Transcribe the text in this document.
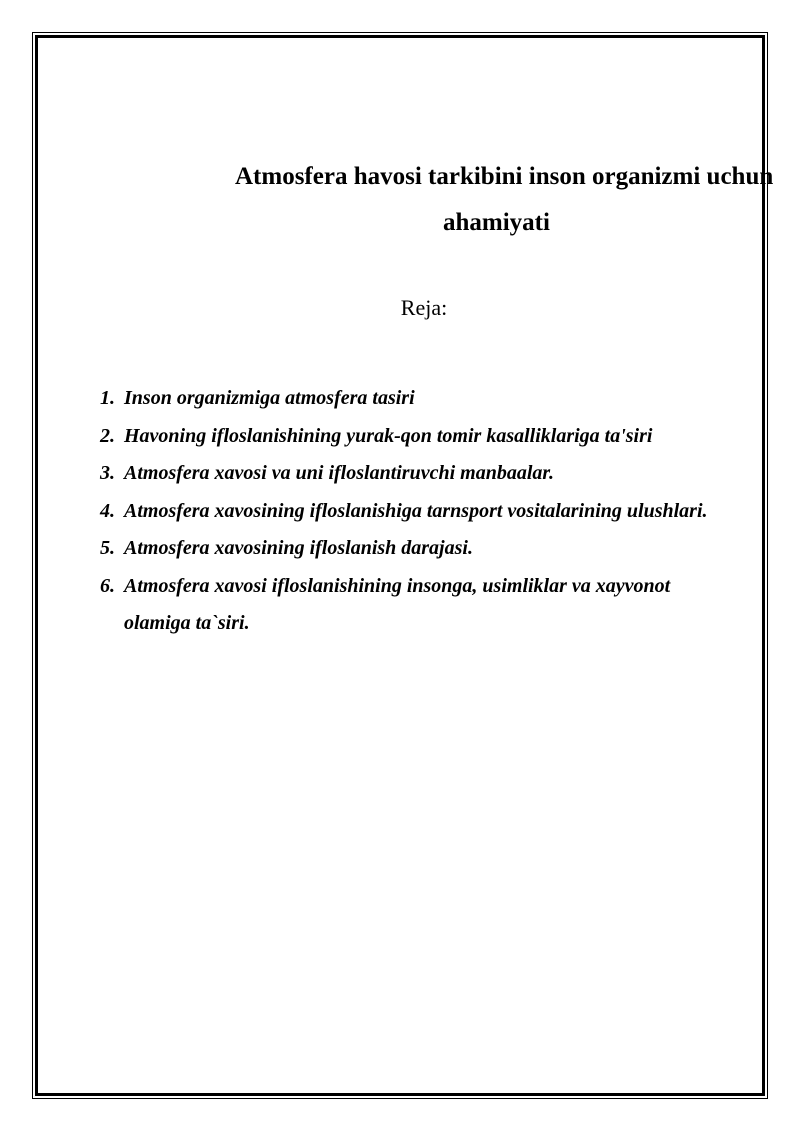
Atmosfera havosi tarkibini inson organizmi uchun
ahamiyati
Reja:
1. Inson organizmiga atmosfera tasiri
2. Havoning ifloslanishining yurak-qon tomir kasalliklariga ta'siri
3. Atmosfera xavosi va uni ifloslantiruvchi manbaalar.
4. Atmosfera xavosining ifloslanishiga tarnsport vositalarining ulushlari.
5. Atmosfera xavosining ifloslanish darajasi.
6. Atmosfera xavosi ifloslanishining insonga, usimliklar va xayvonot olamiga ta`siri.
